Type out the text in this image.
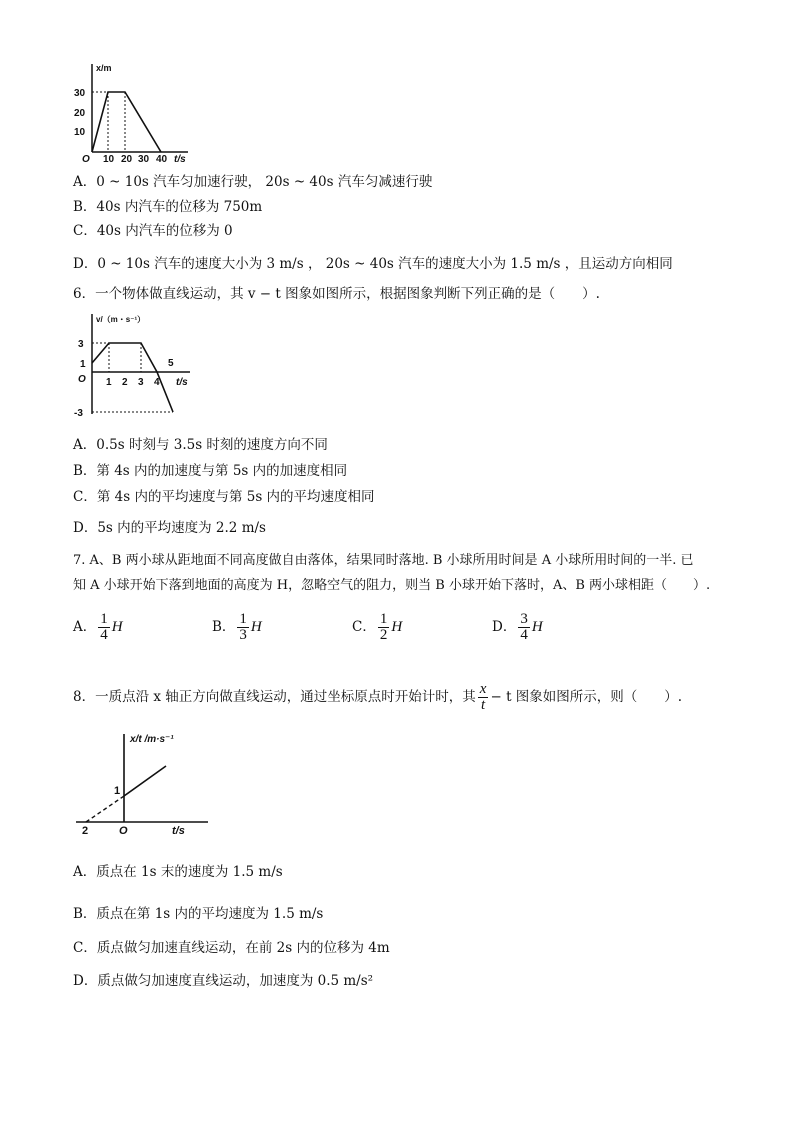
x/m
30
20
10
O 10 20 30 40 t/s
A．0 ~ 10s 汽车匀加速行驶， 20s ~ 40s 汽车匀减速行驶
B．40s 内汽车的位移为 750m
C．40s 内汽车的位移为 0
D．0 ~ 10s 汽车的速度大小为 3 m/s ， 20s ~ 40s 汽车的速度大小为 1.5 m/s ，且运动方向相同
6．一个物体做直线运动，其 v − t 图象如图所示，根据图象判断下列正确的是（　　）.
v/（m・s⁻¹）
3
1
-3
O 1 2 3 4
5
t/s
A．0.5s 时刻与 3.5s 时刻的速度方向不同
B．第 4s 内的加速度与第 5s 内的加速度相同
C．第 4s 内的平均速度与第 5s 内的平均速度相同
D．5s 内的平均速度为 2.2 m/s
7. A、B 两小球从距地面不同高度做自由落体，结果同时落地. B 小球所用时间是 A 小球所用时间的一半. 已
知 A 小球开始下落到地面的高度为 H，忽略空气的阻力，则当 B 小球开始下落时，A、B 两小球相距（　　）.
A． $\frac{1}{4}$ H	B． $\frac{1}{3}$ H	C． $\frac{1}{2}$ H	D． $\frac{3}{4}$ H
8．一质点沿 x 轴正方向做直线运动，通过坐标原点时开始计时，其 $\frac{x}{t} - t$ 图象如图所示，则（　　）.
x/t /m·s⁻¹
1
2	O	t/s
A．质点在 1s 末的速度为 1.5 m/s
B．质点在第 1s 内的平均速度为 1.5 m/s
C．质点做匀加速直线运动，在前 2s 内的位移为 4m
D．质点做匀加速度直线运动，加速度为 0.5 m/s²
